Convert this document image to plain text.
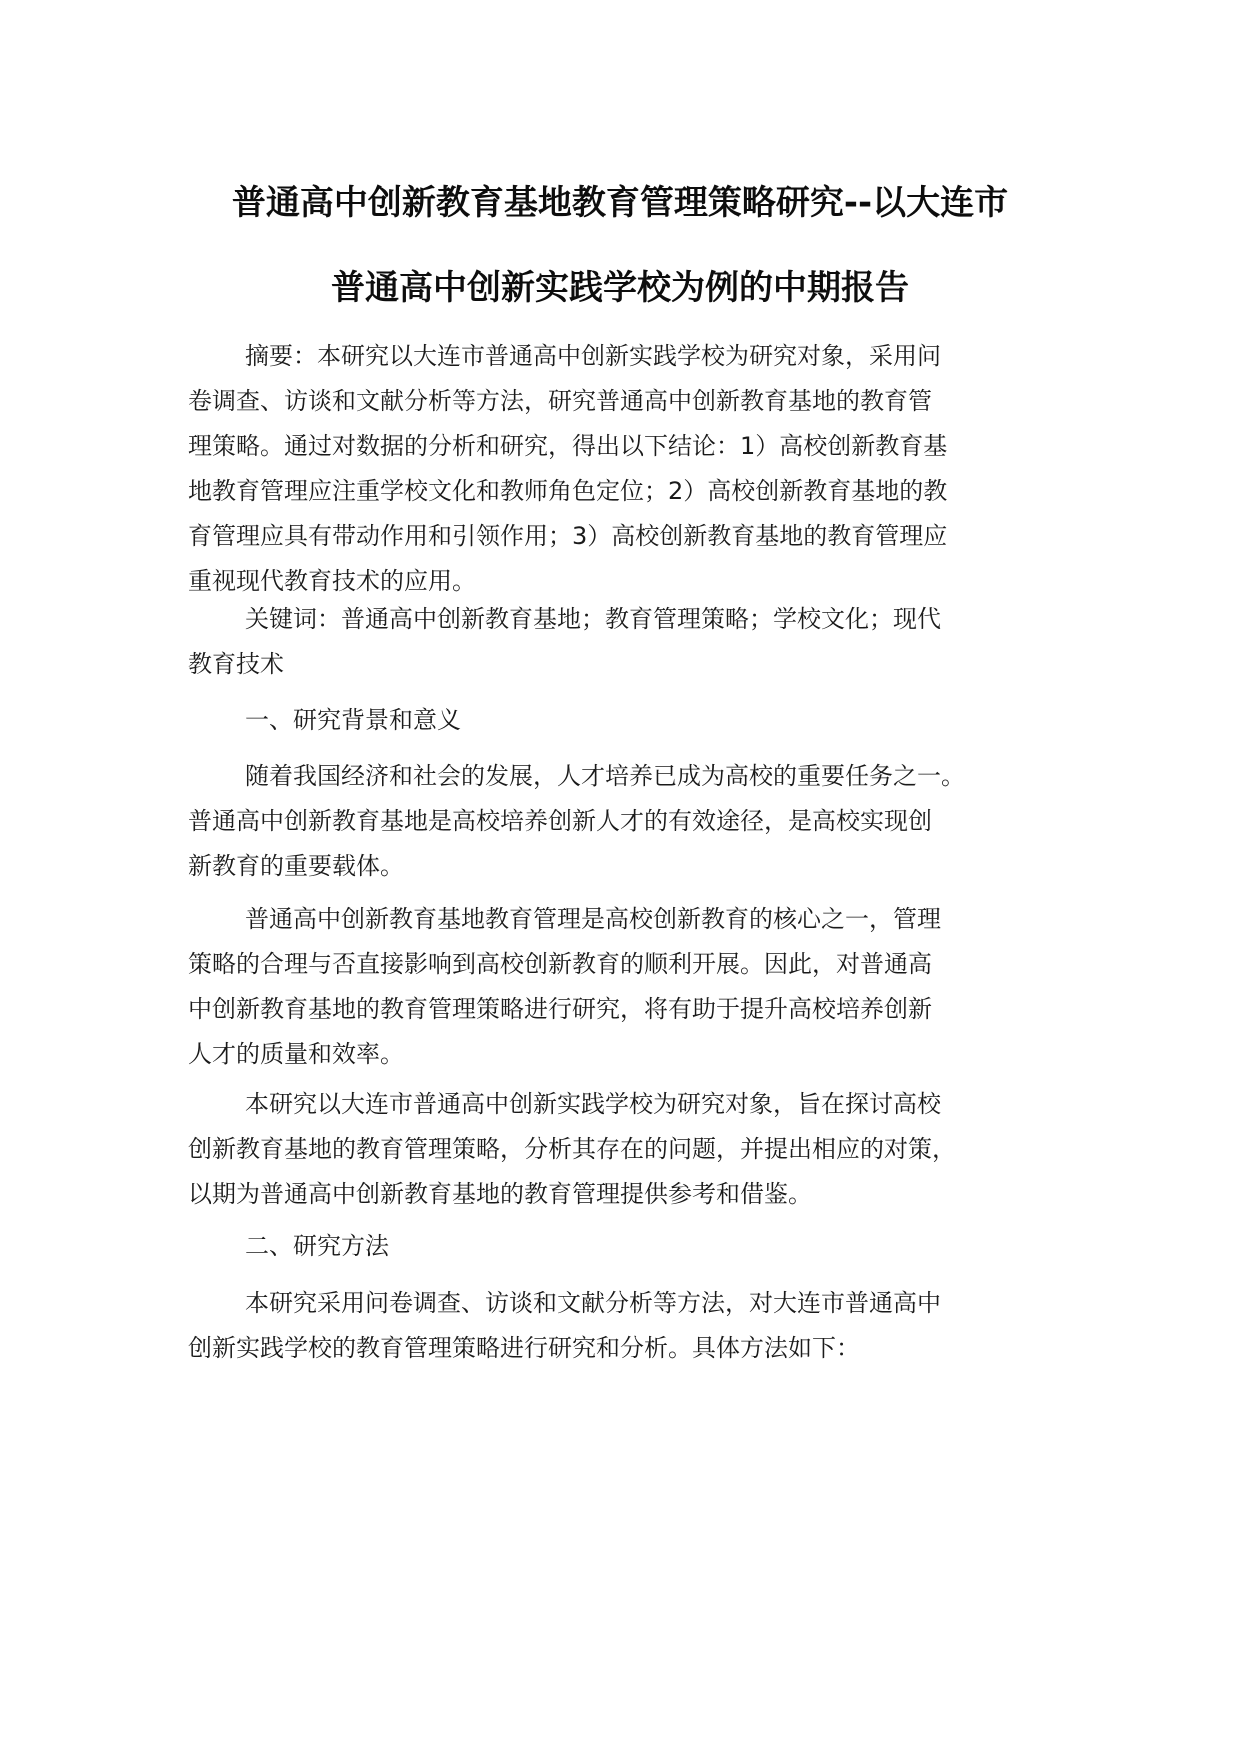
普通高中创新教育基地教育管理策略研究--以大连市
普通高中创新实践学校为例的中期报告
摘要：本研究以大连市普通高中创新实践学校为研究对象，采用问
卷调查、访谈和文献分析等方法，研究普通高中创新教育基地的教育管
理策略。通过对数据的分析和研究，得出以下结论：1）高校创新教育基
地教育管理应注重学校文化和教师角色定位；2）高校创新教育基地的教
育管理应具有带动作用和引领作用；3）高校创新教育基地的教育管理应
重视现代教育技术的应用。
关键词：普通高中创新教育基地；教育管理策略；学校文化；现代
教育技术
一、研究背景和意义
随着我国经济和社会的发展，人才培养已成为高校的重要任务之一。
普通高中创新教育基地是高校培养创新人才的有效途径，是高校实现创
新教育的重要载体。
普通高中创新教育基地教育管理是高校创新教育的核心之一，管理
策略的合理与否直接影响到高校创新教育的顺利开展。因此，对普通高
中创新教育基地的教育管理策略进行研究，将有助于提升高校培养创新
人才的质量和效率。
本研究以大连市普通高中创新实践学校为研究对象，旨在探讨高校
创新教育基地的教育管理策略，分析其存在的问题，并提出相应的对策，
以期为普通高中创新教育基地的教育管理提供参考和借鉴。
二、研究方法
本研究采用问卷调查、访谈和文献分析等方法，对大连市普通高中
创新实践学校的教育管理策略进行研究和分析。具体方法如下：
